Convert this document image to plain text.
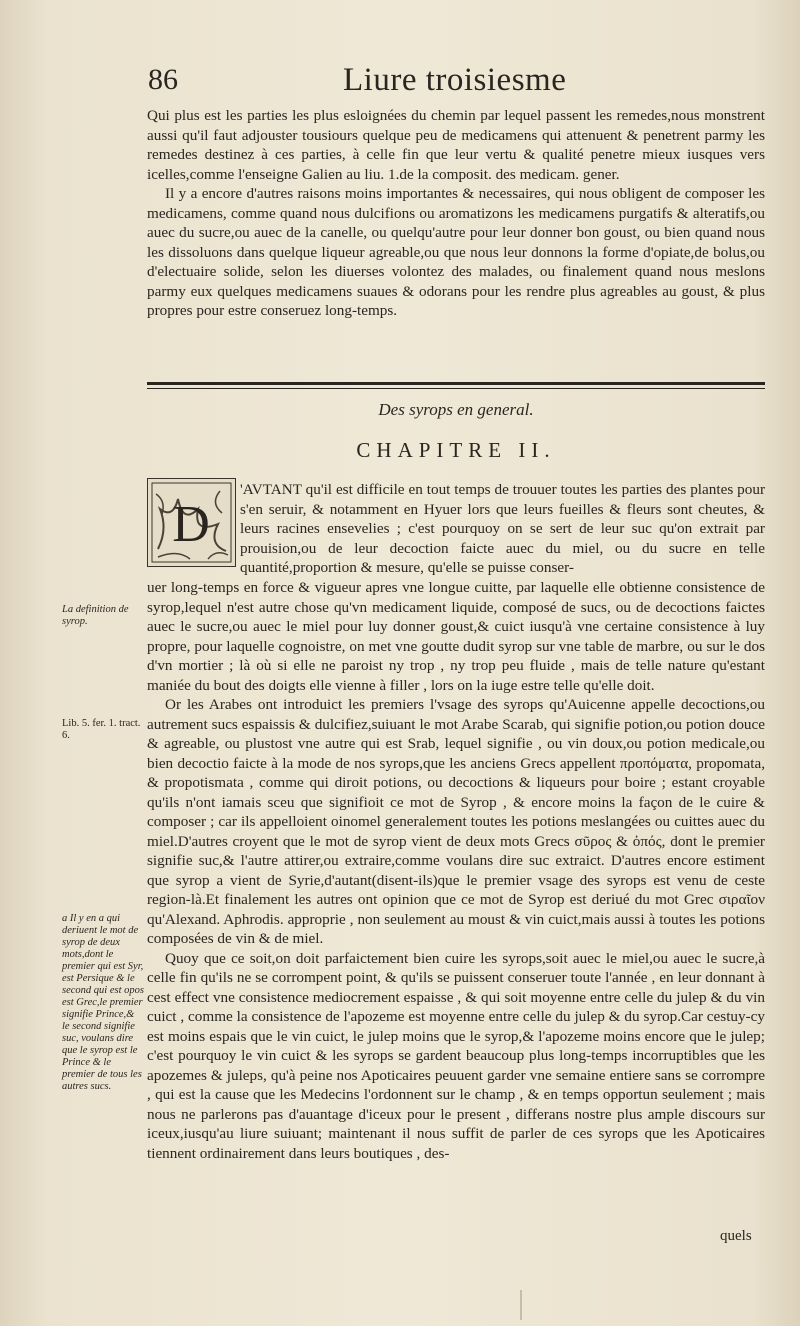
86	Liure troisiesme

Qui plus est les parties les plus esloignées du chemin par lequel passent les remedes,nous monstrent aussi qu'il faut adjouster tousiours quelque peu de medicamens qui attenuent & penetrent parmy les remedes destinez à ces parties, à celle fin que leur vertu & qualité penetre mieux iusques vers icelles,comme l'enseigne Galien au liu. 1.de la composit. des medicam. gener.

Il y a encore d'autres raisons moins importantes & necessaires, qui nous obligent de composer les medicamens, comme quand nous dulcifions ou aromatizons les medicamens purgatifs & alteratifs,ou auec du sucre,ou auec de la canelle, ou quelqu'autre pour leur donner bon goust, ou bien quand nous les dissoluons dans quelque liqueur agreable,ou que nous leur donnons la forme d'opiate,de bolus,ou d'electuaire solide, selon les diuerses volontez des malades, ou finalement quand nous meslons parmy eux quelques medicamens suaues & odorans pour les rendre plus agreables au goust, & plus propres pour estre conseruez long-temps.

Des syrops en general.
CHAPITRE II.
D

'AVTANT qu'il est difficile en tout temps de trouuer toutes les parties des plantes pour s'en seruir, & notamment en Hyuer lors que leurs fueilles & fleurs sont cheutes, & leurs racines ensevelies ; c'est pourquoy on se sert de leur suc qu'on extrait par prouision,ou de leur decoction faicte auec du miel, ou du sucre en telle quantité,proportion & mesure, qu'elle se puisse conser-

uer long-temps en force & vigueur apres vne longue cuitte, par laquelle elle obtienne consistence de syrop,lequel n'est autre chose qu'vn medicament liquide, composé de sucs, ou de decoctions faictes auec le sucre,ou auec le miel pour luy donner goust,& cuict iusqu'à vne certaine consistence à luy propre, pour laquelle cognoistre, on met vne goutte dudit syrop sur vne table de marbre, ou sur le dos d'vn mortier ; là où si elle ne paroist ny trop , ny trop peu fluide , mais de telle nature qu'estant maniée du bout des doigts elle vienne à filler , lors on la iuge estre telle qu'elle doit.

Or les Arabes ont introduict les premiers l'vsage des syrops qu'Auicenne appelle decoctions,ou autrement sucs espaissis & dulcifiez,suiuant le mot Arabe Scarab, qui signifie potion,ou potion douce & agreable, ou plustost vne autre qui est Srab, lequel signifie , ou vin doux,ou potion medicale,ou bien decoctio faicte à la mode de nos syrops,que les anciens Grecs appellent προπόματα, propomata, & propotismata , comme qui diroit potions, ou decoctions & liqueurs pour boire ; estant croyable qu'ils n'ont iamais sceu que signifioit ce mot de Syrop , & encore moins la façon de le cuire & composer ; car ils appelloient oinomel generalement toutes les potions meslangées ou cuittes auec du miel.D'autres croyent que le mot de syrop vient de deux mots Grecs σῦρος & ὀπός, dont le premier signifie suc,& l'autre attirer,ou extraire,comme voulans dire suc extraict. D'autres encore estiment que syrop a vient de Syrie,d'autant(disent-ils)que le premier vsage des syrops est venu de ceste region-là.Et finalement les autres ont opinion que ce mot de Syrop est deriué du mot Grec σιραῖον qu'Alexand. Aphrodis. approprie , non seulement au moust & vin cuict,mais aussi à toutes les potions composées de vin & de miel.

Quoy que ce soit,on doit parfaictement bien cuire les syrops,soit auec le miel,ou auec le sucre,à celle fin qu'ils ne se corrompent point, & qu'ils se puissent conseruer toute l'année , en leur donnant à cest effect vne consistence mediocrement espaisse , & qui soit moyenne entre celle du julep & du vin cuict , comme la consistence de l'apozeme est moyenne entre celle du julep & du syrop.Car cestuy-cy est moins espais que le vin cuict, le julep moins que le syrop,& l'apozeme moins encore que le julep; c'est pourquoy le vin cuict & les syrops se gardent beaucoup plus long-temps incorruptibles que les apozemes & juleps, qu'à peine nos Apoticaires peuuent garder vne semaine entiere sans se corrompre , qui est la cause que les Medecins l'ordonnent sur le champ , & en temps opportun seulement ; mais nous ne parlerons pas d'auantage d'iceux pour le present , differans nostre plus ample discours sur iceux,iusqu'au liure suiuant; maintenant il nous suffit de parler de ces syrops que les Apoticaires tiennent ordinairement dans leurs boutiques , des-

La definition de syrop.
Lib. 5. fer. 1. tract. 6.
a Il y en a qui deriuent le mot de syrop de deux mots,dont le premier qui est Syr, est Persique & le second qui est opos est Grec,le premier signifie Prince,& le second signifie suc, voulans dire que le syrop est le Prince & le premier de tous les autres sucs.
quels
